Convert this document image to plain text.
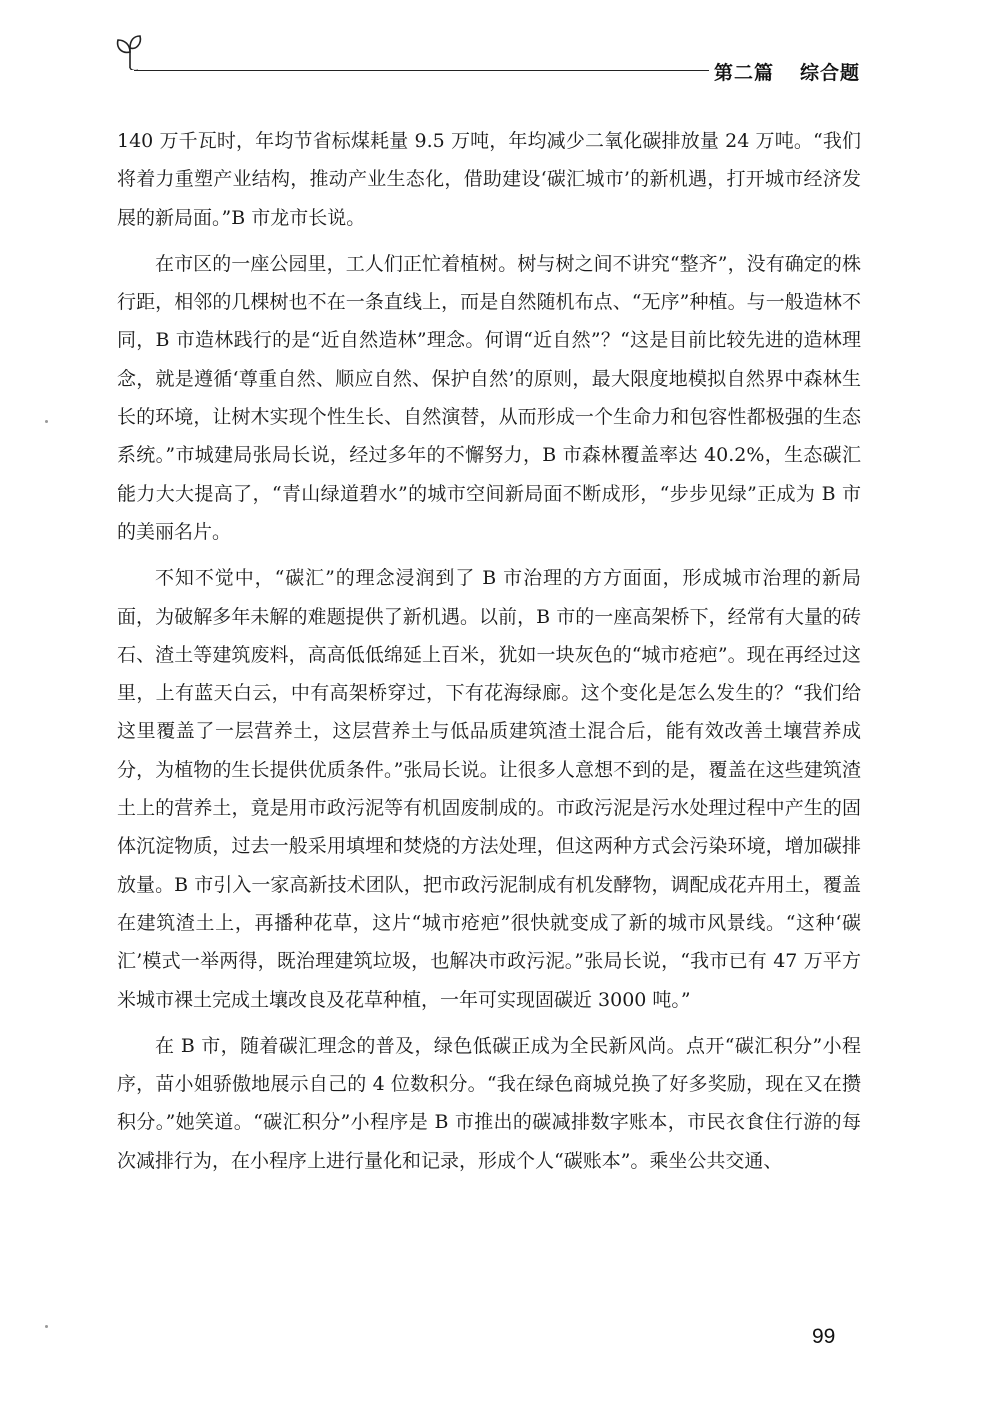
第二篇 综合题

140 万千瓦时，年均节省标煤耗量 9.5 万吨，年均减少二氧化碳排放量 24 万吨。“我们将着力重塑产业结构，推动产业生态化，借助建设‘碳汇城市’的新机遇，打开城市经济发展的新局面。”B 市龙市长说。

在市区的一座公园里，工人们正忙着植树。树与树之间不讲究“整齐”，没有确定的株行距，相邻的几棵树也不在一条直线上，而是自然随机布点、“无序”种植。与一般造林不同，B 市造林践行的是“近自然造林”理念。何谓“近自然”？“这是目前比较先进的造林理念，就是遵循‘尊重自然、顺应自然、保护自然’的原则，最大限度地模拟自然界中森林生长的环境，让树木实现个性生长、自然演替，从而形成一个生命力和包容性都极强的生态系统。”市城建局张局长说，经过多年的不懈努力，B 市森林覆盖率达 40.2%，生态碳汇能力大大提高了，“青山绿道碧水”的城市空间新局面不断成形，“步步见绿”正成为 B 市的美丽名片。

不知不觉中，“碳汇”的理念浸润到了 B 市治理的方方面面，形成城市治理的新局面，为破解多年未解的难题提供了新机遇。以前，B 市的一座高架桥下，经常有大量的砖石、渣土等建筑废料，高高低低绵延上百米，犹如一块灰色的“城市疮疤”。现在再经过这里，上有蓝天白云，中有高架桥穿过，下有花海绿廊。这个变化是怎么发生的？“我们给这里覆盖了一层营养土，这层营养土与低品质建筑渣土混合后，能有效改善土壤营养成分，为植物的生长提供优质条件。”张局长说。让很多人意想不到的是，覆盖在这些建筑渣土上的营养土，竟是用市政污泥等有机固废制成的。市政污泥是污水处理过程中产生的固体沉淀物质，过去一般采用填埋和焚烧的方法处理，但这两种方式会污染环境，增加碳排放量。B 市引入一家高新技术团队，把市政污泥制成有机发酵物，调配成花卉用土，覆盖在建筑渣土上，再播种花草，这片“城市疮疤”很快就变成了新的城市风景线。“这种‘碳汇’模式一举两得，既治理建筑垃圾，也解决市政污泥。”张局长说，“我市已有 47 万平方米城市裸土完成土壤改良及花草种植，一年可实现固碳近 3000 吨。”

在 B 市，随着碳汇理念的普及，绿色低碳正成为全民新风尚。点开“碳汇积分”小程序，苗小姐骄傲地展示自己的 4 位数积分。“我在绿色商城兑换了好多奖励，现在又在攒积分。”她笑道。“碳汇积分”小程序是 B 市推出的碳减排数字账本，市民衣食住行游的每次减排行为，在小程序上进行量化和记录，形成个人“碳账本”。乘坐公共交通、

99
